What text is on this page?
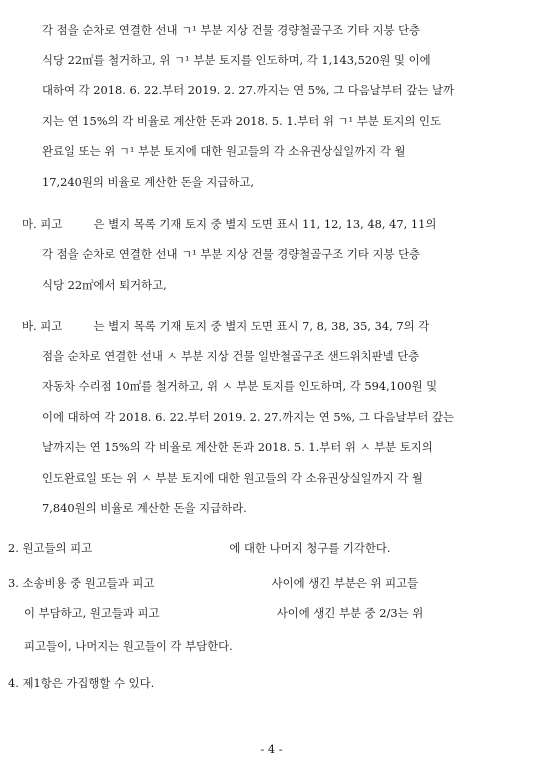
각 점을 순차로 연결한 선내 ㄱ¹ 부분 지상 건물 경량철골구조 기타 지붕 단층
식당 22㎡를 철거하고, 위 ㄱ¹ 부분 토지를 인도하며, 각 1,143,520원 및 이에
대하여 각 2018. 6. 22.부터 2019. 2. 27.까지는 연 5%, 그 다음날부터 갚는 날까
지는 연 15%의 각 비율로 계산한 돈과 2018. 5. 1.부터 위 ㄱ¹ 부분 토지의 인도
완료일 또는 위 ㄱ¹ 부분 토지에 대한 원고들의 각 소유권상실일까지 각 월
17,240원의 비율로 계산한 돈을 지급하고,
마. 피고	은 별지 목록 기재 토지 중 별지 도면 표시 11, 12, 13, 48, 47, 11의
각 점을 순차로 연결한 선내 ㄱ¹ 부분 지상 건물 경량철골구조 기타 지붕 단층
식당 22㎡에서 퇴거하고,
바. 피고	는 별지 목록 기재 토지 중 별지 도면 표시 7, 8, 38, 35, 34, 7의 각
점을 순차로 연결한 선내 ㅅ 부분 지상 건물 일반철골구조 샌드위치판넬 단층
자동차 수리점 10㎡를 철거하고, 위 ㅅ 부분 토지를 인도하며, 각 594,100원 및
이에 대하여 각 2018. 6. 22.부터 2019. 2. 27.까지는 연 5%, 그 다음날부터 갚는
날까지는 연 15%의 각 비율로 계산한 돈과 2018. 5. 1.부터 위 ㅅ 부분 토지의
인도완료일 또는 위 ㅅ 부분 토지에 대한 원고들의 각 소유권상실일까지 각 월
7,840원의 비율로 계산한 돈을 지급하라.
2. 원고들의 피고	에 대한 나머지 청구를 기각한다.
3. 소송비용 중 원고들과 피고	사이에 생긴 부분은 위 피고들
이 부담하고, 원고들과 피고	사이에 생긴 부분 중 2/3는 위
피고들이, 나머지는 원고들이 각 부담한다.
4. 제1항은 가집행할 수 있다.
- 4 -
